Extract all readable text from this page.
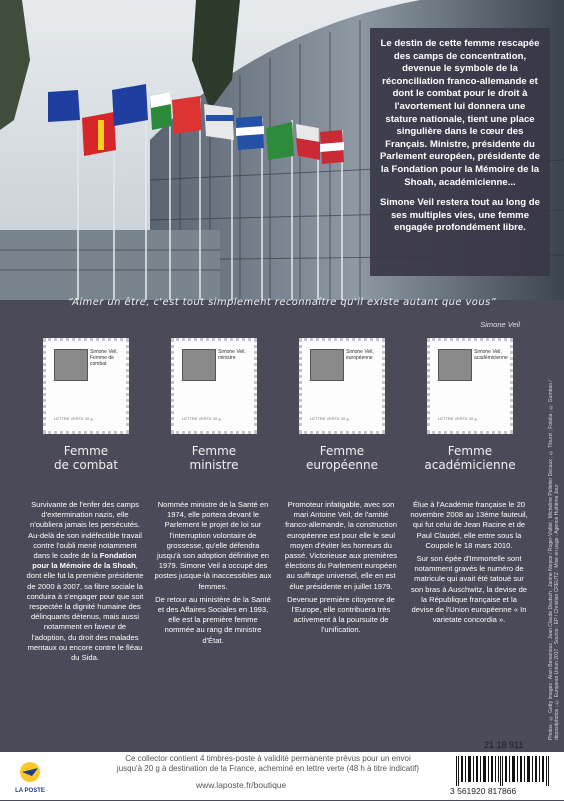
Le destin de cette femme rescapée des camps de concentration, devenue le symbole de la réconciliation franco-allemande et dont le combat pour le droit à l'avortement lui donnera une stature nationale, tient une place singulière dans le cœur des Français. Ministre, présidente du Parlement européen, présidente de la Fondation pour la Mémoire de la Shoah, académicienne...

Simone Veil restera tout au long de ses multiples vies, une femme engagée profondément libre.

“Aimer un être, c'est tout simplement reconnaître qu'il existe autant que vous”
Simone Veil
Simone Veil, Femme de combat
LETTRE VERTE 20 g
Femme
de combat
Simone Veil, ministre
LETTRE VERTE 20 g
Femme
ministre
Simone Veil, européenne
LETTRE VERTE 20 g
Femme
européenne
Simone Veil, académicienne
LETTRE VERTE 20 g
Femme
académicienne

Survivante de l'enfer des camps d'extermination nazis, elle n'oubliera jamais les persécutés. Au-delà de son indéfectible travail contre l'oubli mené notamment dans le cadre de la Fondation pour la Mémoire de la Shoah, dont elle fut la première présidente de 2000 à 2007, sa fibre sociale la conduira à s'engager pour que soit respectée la dignité humaine des délinquants détenus, mais aussi notamment en faveur de l'adoption, du droit des malades mentaux ou encore contre le fléau du Sida.

Nommée ministre de la Santé en 1974, elle portera devant le Parlement le projet de loi sur l'interruption volontaire de grossesse, qu'elle défendra jusqu'à son adoption définitive en 1979. Simone Veil a occupé des postes jusque-là inaccessibles aux femmes.

De retour au ministère de la Santé et des Affaires Sociales en 1993, elle est la première femme nommée au rang de ministre d'État.

Promoteur infatigable, avec son mari Antoine Veil, de l'amitié franco-allemande, la construction européenne est pour elle le seul moyen d'éviter les horreurs du passé. Victorieuse aux premières élections du Parlement européen au suffrage universel, elle en est élue présidente en juillet 1979.

Devenue première citoyenne de l'Europe, elle contribuera très activement à la poursuite de l'unification.

Élue à l'Académie française le 20 novembre 2008 au 13ème fauteuil, qui fut celui de Jean Racine et de Paul Claudel, elle entre sous la Coupole le 18 mars 2010.

Sur son épée d'Immortelle sont notamment gravés le numéro de matricule qui avait été tatoué sur son bras à Auschwitz, la devise de la République française et la devise de l'Union européenne « In varietate concordia ».	Photos : © Getty Images ; Alain Benainous ; Jean Claude Deutsch ; Janine Niepce / Roger-Viollet ; Micheline Pelletier Decaux ; © Tiburzi ; Fotolia ; © Gumbao / depositphotos ; © European Union 2017 · Source : EP / Christian CREUTZ · Mise en page : Agence Huitième Jour
LA POSTE
Ce collector contient 4 timbres-poste à validité permanente prévus pour un envoi
jusqu'à 20 g à destination de la France, acheminé en lettre verte (48 h à titre indicatif)
www.laposte.fr/boutique
21 18 911
3 561920 817866
